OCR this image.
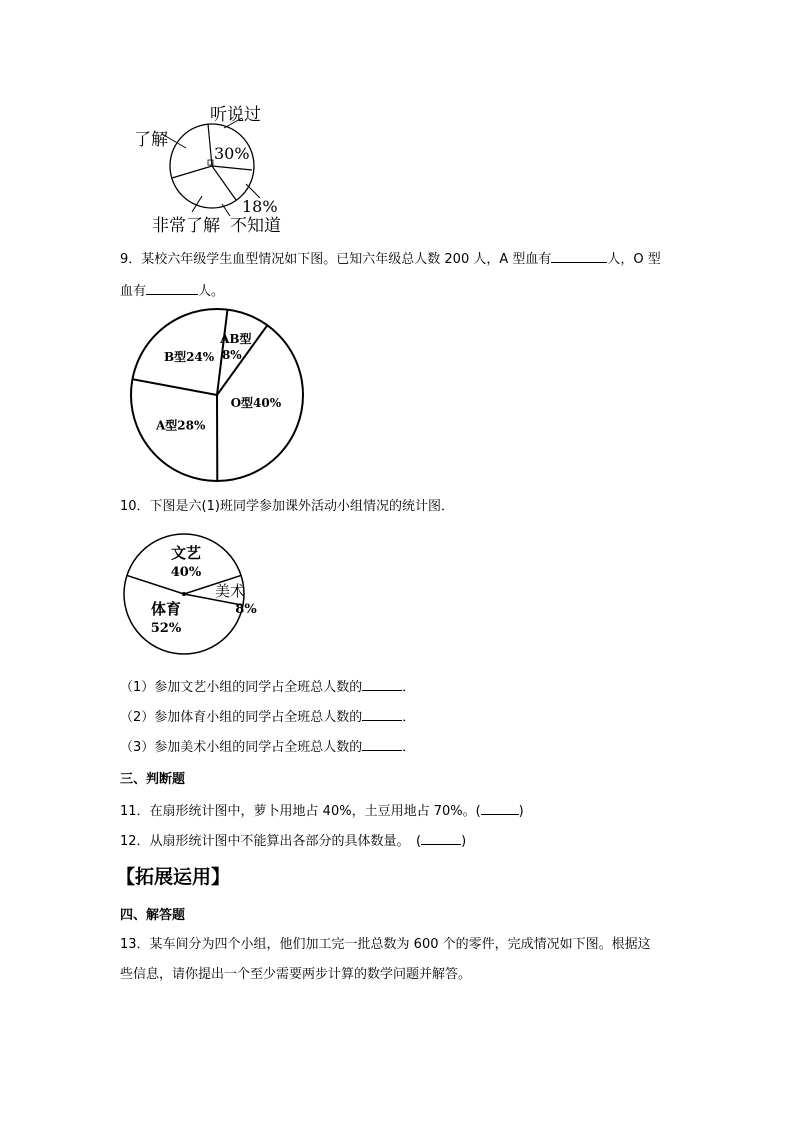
听说过
了解
30%
18%
非常了解 不知道
9．某校六年级学生血型情况如下图。已知六年级总人数 200 人，A 型血有	人，O 型
血有	人。
AB型
8%
O型40%
A型28%
B型24%
10．下图是六(1)班同学参加课外活动小组情况的统计图．
文艺
40%
美术
8%
体育
52%
（1）参加文艺小组的同学占全班总人数的	．
（2）参加体育小组的同学占全班总人数的	．
（3）参加美术小组的同学占全班总人数的	．
三、判断题
11．在扇形统计图中，萝卜用地占 40%，土豆用地占 70%。(	)
12．从扇形统计图中不能算出各部分的具体数量。　(	)
【拓展运用】
四、解答题
13．某车间分为四个小组，他们加工完一批总数为 600 个的零件，完成情况如下图。根据这
些信息，请你提出一个至少需要两步计算的数学问题并解答。
